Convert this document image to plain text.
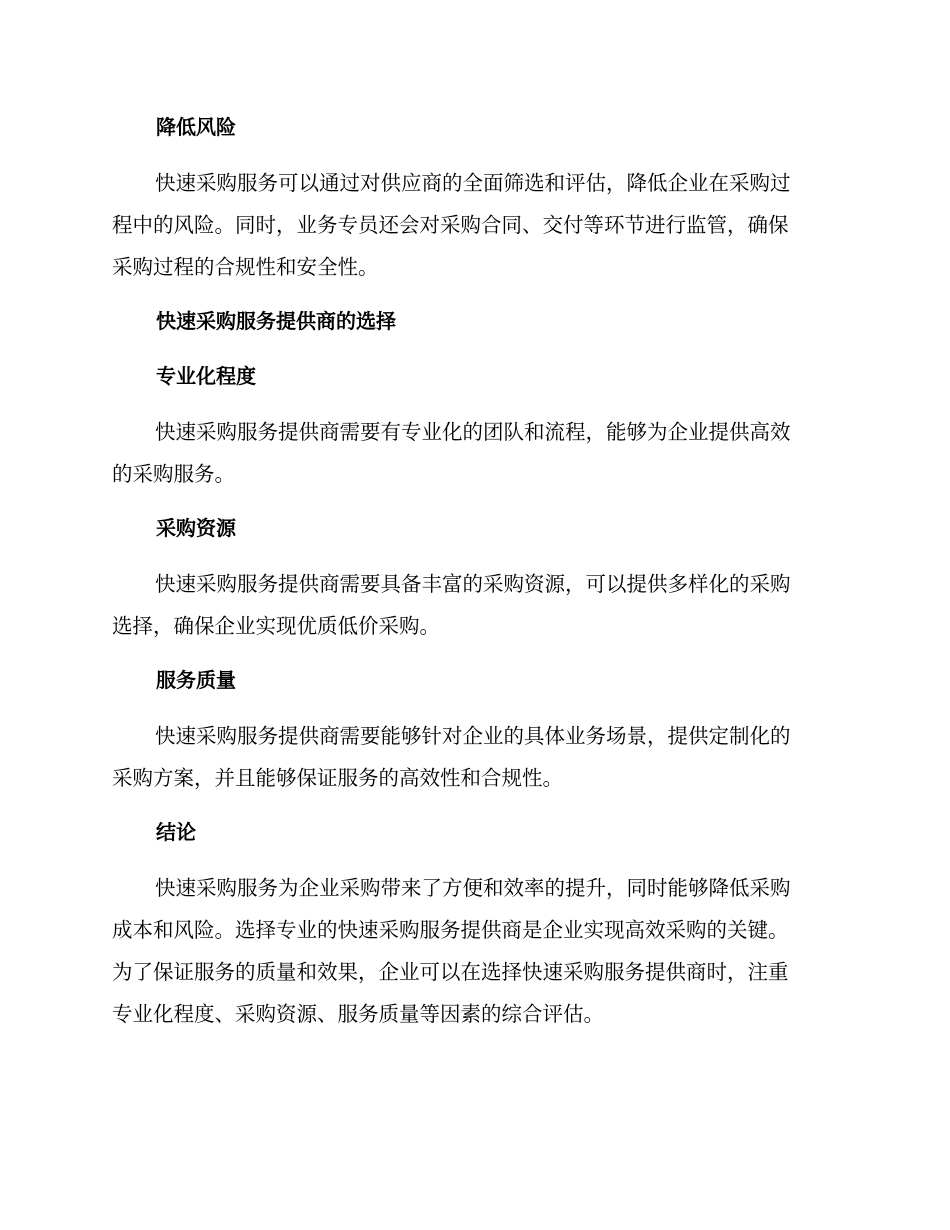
降低风险

快速采购服务可以通过对供应商的全面筛选和评估，降低企业在采购过
程中的风险。同时，业务专员还会对采购合同、交付等环节进行监管，确保
采购过程的合规性和安全性。

快速采购服务提供商的选择
专业化程度

快速采购服务提供商需要有专业化的团队和流程，能够为企业提供高效
的采购服务。

采购资源

快速采购服务提供商需要具备丰富的采购资源，可以提供多样化的采购
选择，确保企业实现优质低价采购。

服务质量

快速采购服务提供商需要能够针对企业的具体业务场景，提供定制化的
采购方案，并且能够保证服务的高效性和合规性。

结论

快速采购服务为企业采购带来了方便和效率的提升，同时能够降低采购
成本和风险。选择专业的快速采购服务提供商是企业实现高效采购的关键。
为了保证服务的质量和效果，企业可以在选择快速采购服务提供商时，注重
专业化程度、采购资源、服务质量等因素的综合评估。
